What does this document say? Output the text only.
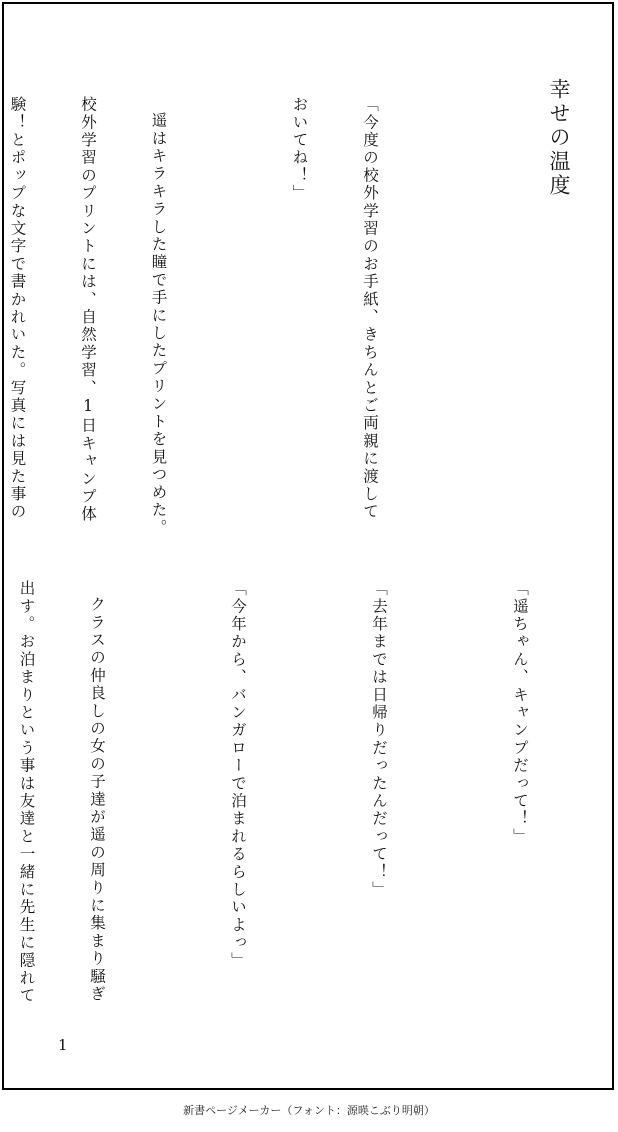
幸せの温度

「今度の校外学習のお手紙、きちんとご両親に渡して

おいてね！」

遥はキラキラした瞳で手にしたプリントを見つめた。

校外学習のプリントには、自然学習、1日キャンプ体

験！とポップな文字で書かれいた。写真には見た事の

「遥ちゃん、キャンプだって！」

「去年までは日帰りだったんだって！」

「今年から、バンガローで泊まれるらしいよっ」

クラスの仲良しの女の子達が遥の周りに集まり騒ぎ

出す。お泊まりという事は友達と一緒に先生に隠れて

1
新書ページメーカー（フォント：源暎こぶり明朝）
